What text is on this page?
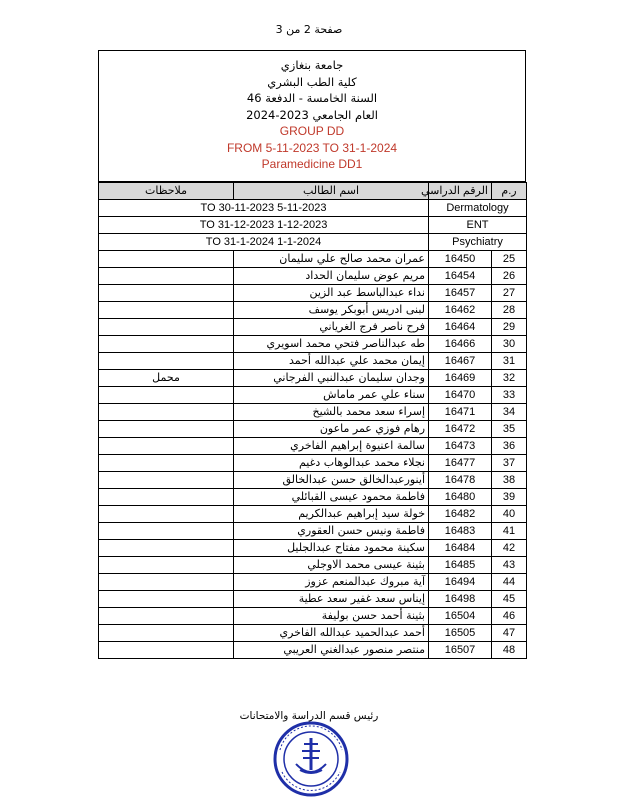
صفحة 2 من 3
جامعة بنغازي
كلية الطب البشري
السنة الخامسة - الدفعة 46
العام الجامعي 2023-2024
GROUP DD
FROM 5-11-2023 TO 31-1-2024
Paramedicine DD1
ر.م	الرقم الدراسي	اسم الطالب	ملاحظات
Dermatology		5-11-2023 TO 30-11-2023	
ENT		1-12-2023 TO 31-12-2023	
Psychiatry		1-1-2024 TO 31-1-2024	
25	16450	عمران محمد صالح علي سليمان	
26	16454	مريم عوض سليمان الحداد	
27	16457	نداء عبدالباسط عبد الزين	
28	16462	لبنى ادريس أبوبكر يوسف	
29	16464	فرح ناصر فرج الغرياني	
30	16466	طه عبدالناصر فتحي محمد اسويري	
31	16467	إيمان محمد علي عبدالله أحمد	
32	16469	وجدان سليمان عبدالنبي الفرجاني	محمل
33	16470	سناء علي عمر ماماش	
34	16471	إسراء سعد محمد بالشيخ	
35	16472	رهام فوزي عمر ماعون	
36	16473	سالمة اعنيوة إبراهيم الفاخري	
37	16477	نجلاء محمد عبدالوهاب دغيم	
38	16478	أينورعبدالخالق حسن عبدالخالق	
39	16480	فاطمة محمود عيسى القبائلي	
40	16482	خولة سيد إبراهيم عبدالكريم	
41	16483	فاطمة ونيس حسن العقوري	
42	16484	سكينة محمود مفتاح عبدالجليل	
43	16485	بثينة عيسى محمد الاوجلي	
44	16494	آية مبروك عبدالمنعم عزوز	
45	16498	إيناس سعد غفير سعد عطية	
46	16504	بثينة أحمد حسن بوليفة	
47	16505	أحمد عبدالحميد عبدالله الفاخري	
48	16507	منتصر منصور عبدالغني العريبي	
رئيس قسم الدراسة والامتحانات
